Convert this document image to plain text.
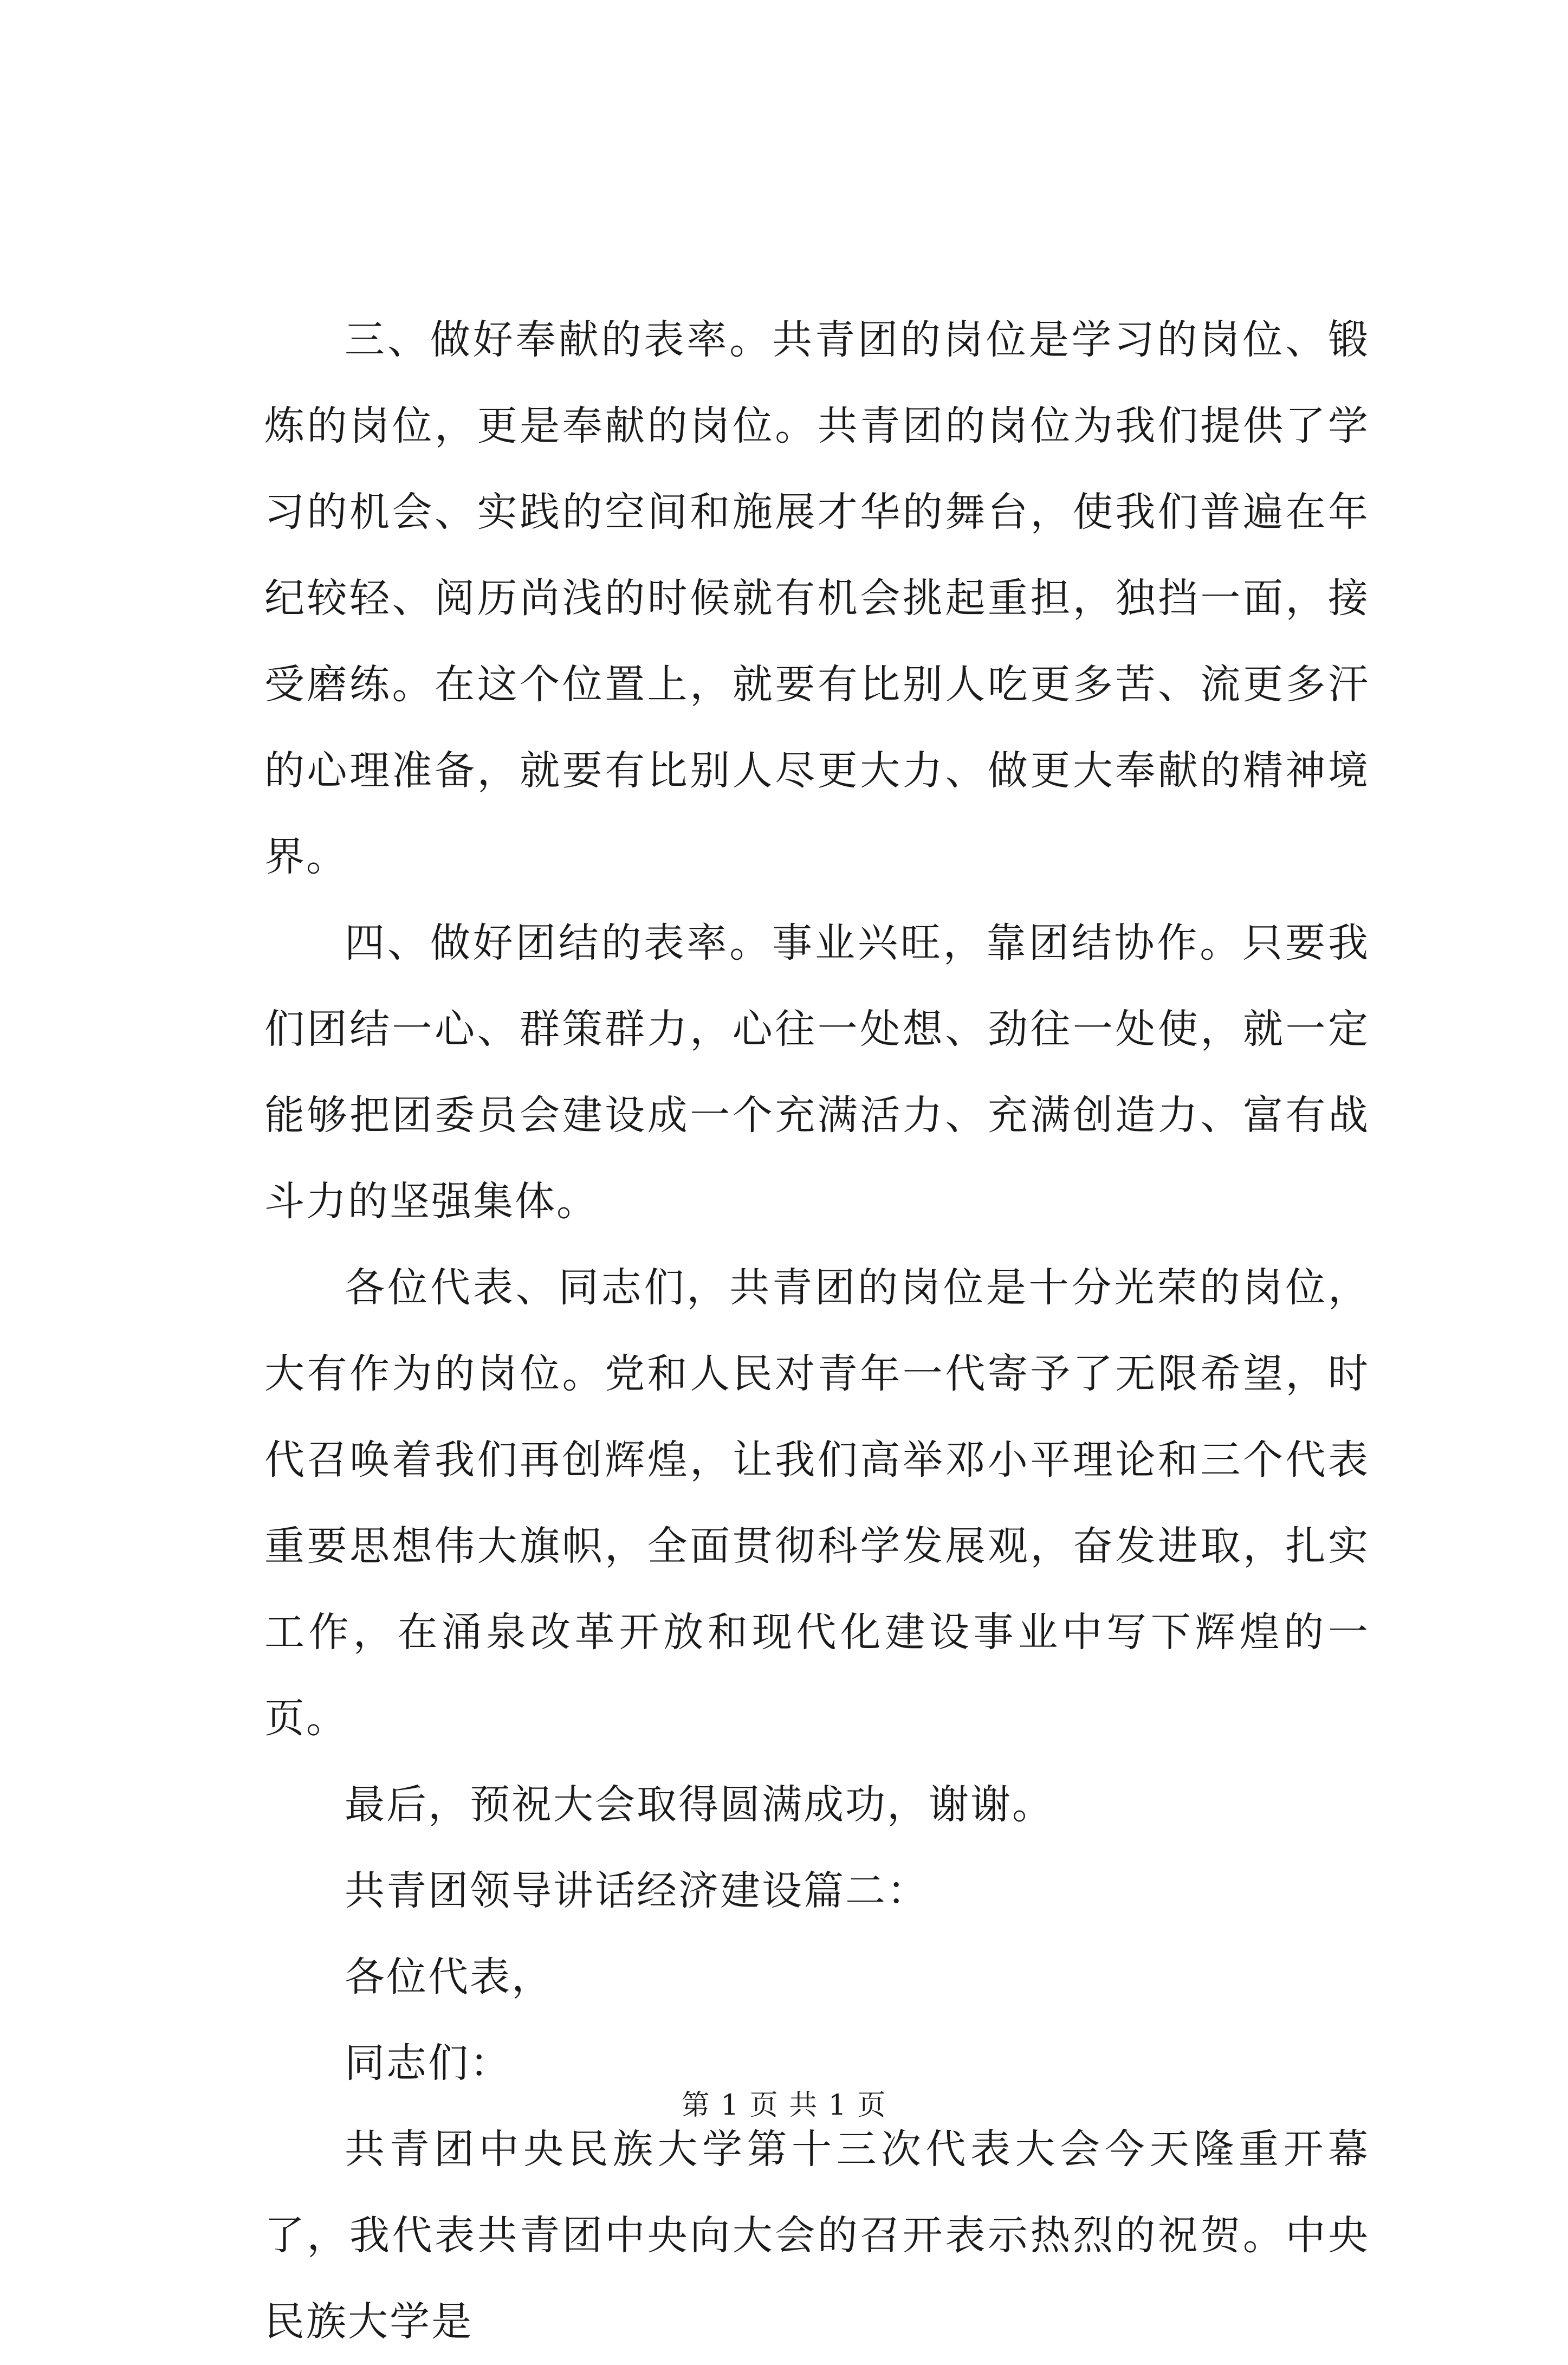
三、做好奉献的表率。共青团的岗位是学习的岗位、锻炼的岗位，更是奉献的岗位。共青团的岗位为我们提供了学习的机会、实践的空间和施展才华的舞台，使我们普遍在年纪较轻、阅历尚浅的时候就有机会挑起重担，独挡一面，接受磨练。在这个位置上，就要有比别人吃更多苦、流更多汗的心理准备，就要有比别人尽更大力、做更大奉献的精神境界。

四、做好团结的表率。事业兴旺，靠团结协作。只要我们团结一心、群策群力，心往一处想、劲往一处使，就一定能够把团委员会建设成一个充满活力、充满创造力、富有战斗力的坚强集体。

各位代表、同志们，共青团的岗位是十分光荣的岗位，大有作为的岗位。党和人民对青年一代寄予了无限希望，时代召唤着我们再创辉煌，让我们高举邓小平理论和三个代表重要思想伟大旗帜，全面贯彻科学发展观，奋发进取，扎实工作，在涌泉改革开放和现代化建设事业中写下辉煌的一页。

最后，预祝大会取得圆满成功，谢谢。

共青团领导讲话经济建设篇二：

各位代表，

同志们：

共青团中央民族大学第十三次代表大会今天隆重开幕了，我代表共青团中央向大会的召开表示热烈的祝贺。中央民族大学是

第 1 页 共 1 页
